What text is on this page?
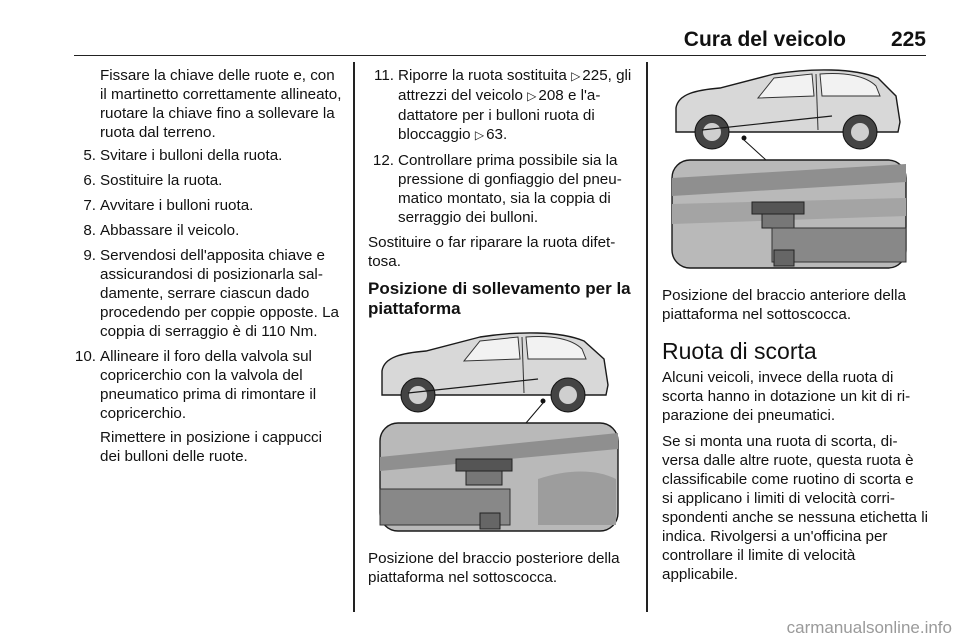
Cura del veicolo 225

Fissare la chiave delle ruote e, con il martinetto correttamente allineato, ruotare la chiave fino a sollevare la ruota dal terreno.

5. Svitare i bulloni della ruota.
6. Sostituire la ruota.
7. Avvitare i bulloni ruota.
8. Abbassare il veicolo.
9. Servendosi dell'apposita chiave e assicurandosi di posizionarla saldamente, serrare ciascun dado procedendo per coppie opposte. La coppia di serraggio è di 110 Nm.
10. Allineare il foro della valvola sul copricerchio con la valvola del pneumatico prima di rimontare il copricerchio.

Rimettere in posizione i cappucci dei bulloni delle ruote.

11. Riporre la ruota sostituita ▷ 225, gli attrezzi del veicolo ▷ 208 e l'adattatore per i bulloni ruota di bloccaggio ▷ 63.
12. Controllare prima possibile sia la pressione di gonfiaggio del pneumatico montato, sia la coppia di serraggio dei bulloni.

Sostituire o far riparare la ruota difettosa.

Posizione di sollevamento per la piattaforma

Posizione del braccio posteriore della piattaforma nel sottoscocca.

Posizione del braccio anteriore della piattaforma nel sottoscocca.

Ruota di scorta

Alcuni veicoli, invece della ruota di scorta hanno in dotazione un kit di riparazione dei pneumatici.

Se si monta una ruota di scorta, diversa dalle altre ruote, questa ruota è classificabile come ruotino di scorta e si applicano i limiti di velocità corrispondenti anche se nessuna etichetta li indica. Rivolgersi a un'officina per controllare il limite di velocità applicabile.

carmanualsonline.info
